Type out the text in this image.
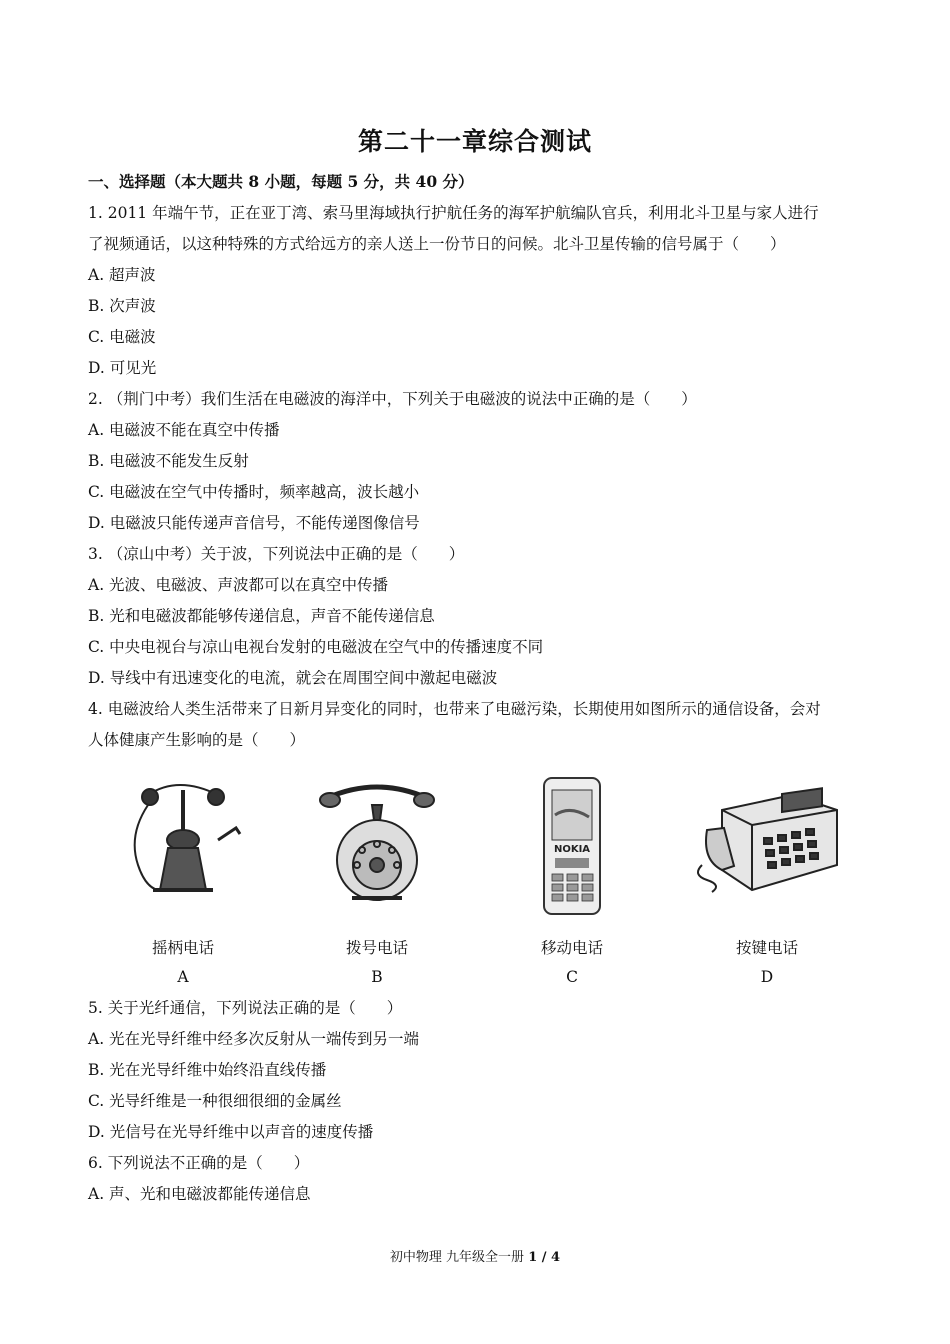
第二十一章综合测试
一、选择题（本大题共 8 小题，每题 5 分，共 40 分）
1. 2011 年端午节，正在亚丁湾、索马里海域执行护航任务的海军护航编队官兵，利用北斗卫星与家人进行
了视频通话，以这种特殊的方式给远方的亲人送上一份节日的问候。北斗卫星传输的信号属于（　　）
A. 超声波
B. 次声波
C. 电磁波
D. 可见光
2. （荆门中考）我们生活在电磁波的海洋中，下列关于电磁波的说法中正确的是（　　）
A. 电磁波不能在真空中传播
B. 电磁波不能发生反射
C. 电磁波在空气中传播时，频率越高，波长越小
D. 电磁波只能传递声音信号，不能传递图像信号
3. （凉山中考）关于波，下列说法中正确的是（　　）
A. 光波、电磁波、声波都可以在真空中传播
B. 光和电磁波都能够传递信息，声音不能传递信息
C. 中央电视台与凉山电视台发射的电磁波在空气中的传播速度不同
D. 导线中有迅速变化的电流，就会在周围空间中激起电磁波
4. 电磁波给人类生活带来了日新月异变化的同时，也带来了电磁污染，长期使用如图所示的通信设备，会对
人体健康产生影响的是（　　）
NOKIA
摇柄电话	拨号电话	移动电话	按键电话
A	B	C	D
5. 关于光纤通信，下列说法正确的是（　　）
A. 光在光导纤维中经多次反射从一端传到另一端
B. 光在光导纤维中始终沿直线传播
C. 光导纤维是一种很细很细的金属丝
D. 光信号在光导纤维中以声音的速度传播
6. 下列说法不正确的是（　　）
A. 声、光和电磁波都能传递信息
初中物理 九年级全一册 1 / 4
